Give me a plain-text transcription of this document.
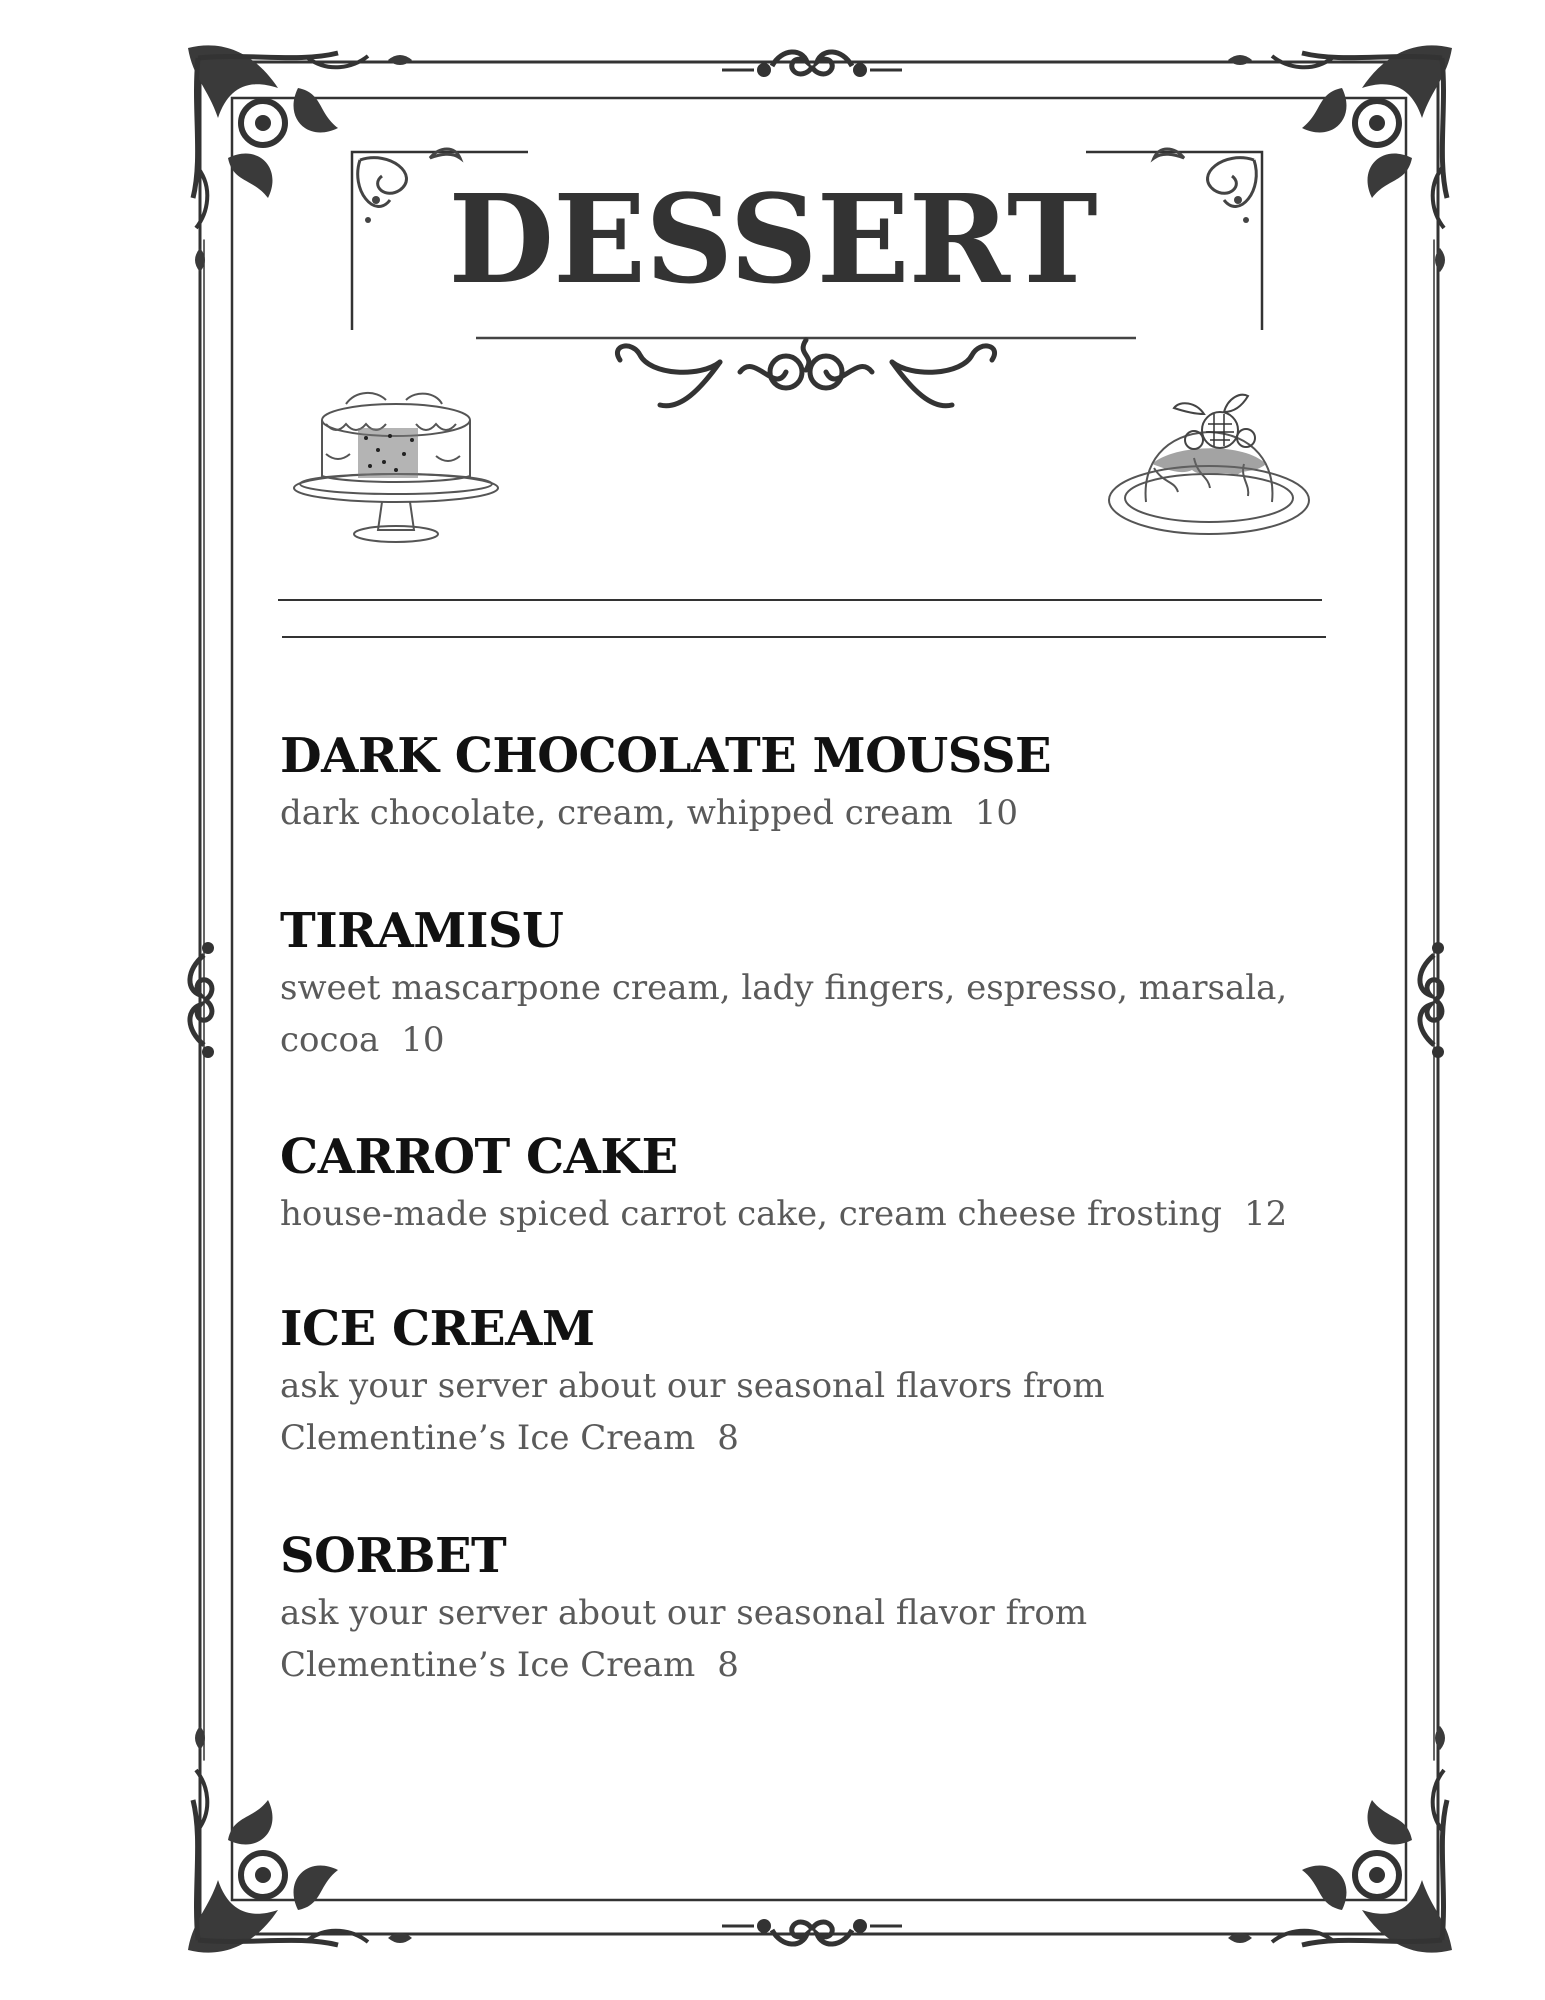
DESSERT

DARK CHOCOLATE MOUSSE

dark chocolate, cream, whipped cream 10

TIRAMISU

sweet mascarpone cream, lady fingers, espresso, marsala, cocoa 10

CARROT CAKE

house-made spiced carrot cake, cream cheese frosting 12

ICE CREAM

ask your server about our seasonal flavors from Clementine’s Ice Cream 8

SORBET

ask your server about our seasonal flavor from Clementine’s Ice Cream 8
